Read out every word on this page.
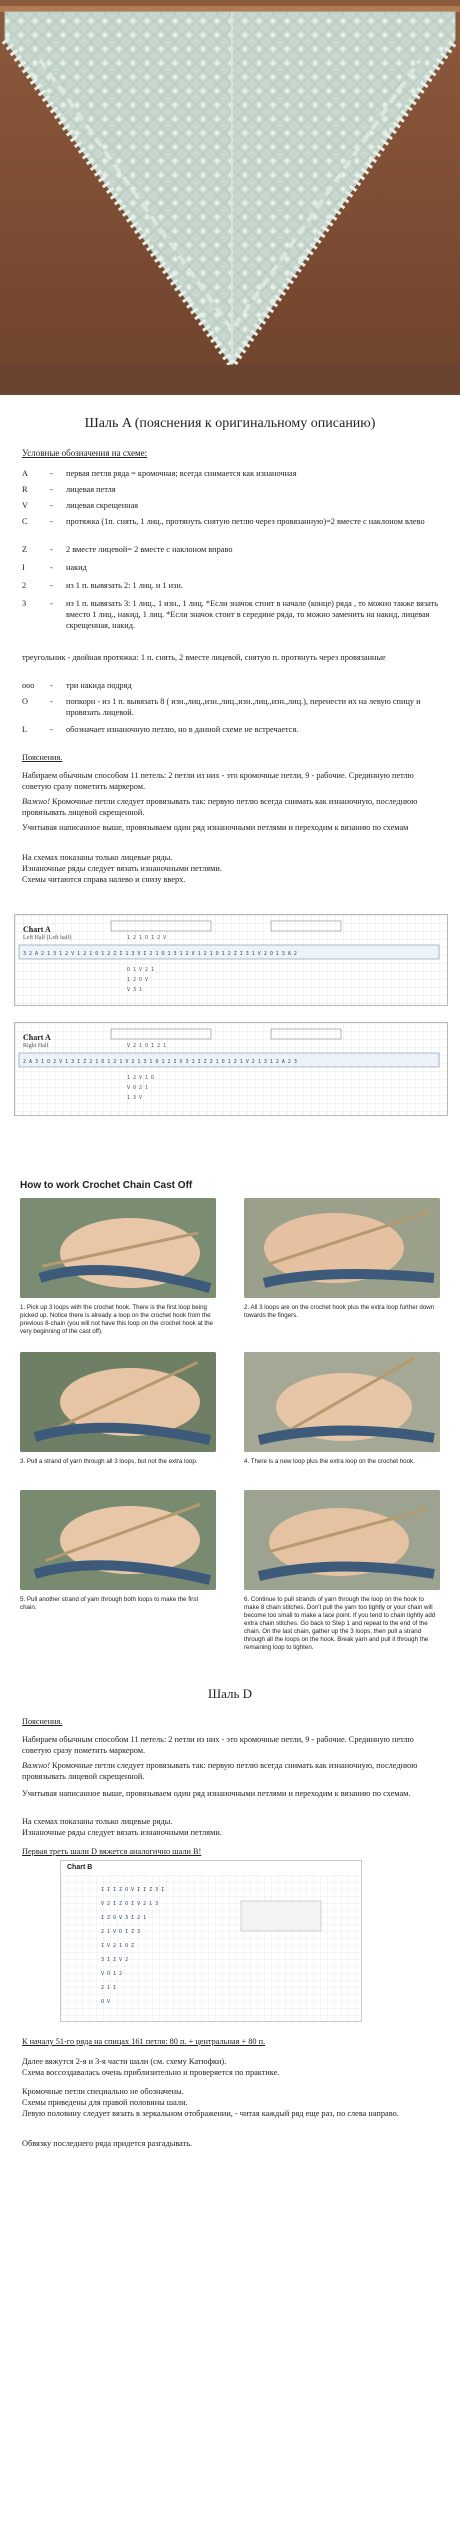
Шаль A (пояснения к оригинальному описанию)
Условные обозначения на схеме:
A	- первая петля ряда = кромочная; всегда снимается как изнаночная
R	- лицевая петля
V	- лицевая скрещенная
C	- протяжка (1п. снять, 1 лиц., протянуть снятую петлю через провязанную)=2 вместе с наклоном влево
Z	- 2 вместе лицевой= 2 вместе с наклоном вправо
I	- накид
2	- из 1 п. вывязать 2: 1 лиц. и 1 изн.
3	- из 1 п. вывязать 3: 1 лиц., 1 изн., 1 лиц. *Если значок стоит в начале (конце) ряда , то можно также вязать вместо 1 лиц., накид, 1 лиц. *Если значок стоит в середине ряда, то можно заменить на накид, лицевая скрещенная, накид.
треугольник - двойная протяжка: 1 п. снять, 2 вместе лицевой, снятую п. протянуть через провязанные
ooo - три накида подряд
O	- попкорн - из 1 п. вывязать 8 ( изн.,лиц.,изн.,лиц.,изн.,лиц.,изн.,лиц.), перенести их на левую спицу и провязать лицевой.
L	- обозначает изнаночную петлю, но в данной схеме не встречается.
Пояснения.
Набираем обычным способом 11 петель: 2 петли из них - это кромочные петли, 9 - рабочие. Срединную петлю советую сразу пометить маркером.
Важно! Кромочные петли следует провязывать так: первую петлю всегда снимать как изнаночную, последнюю провязывать лицевой скрещенной.
Учитывая написанное выше, провязываем один ряд изнаночными петлями и переходим к вязанию по схемам
На схемах показаны только лицевые ряды.
Изнаночные ряды следует вязать изнаночными петлями.
Схемы читаются справа налево и снизу вверх.
3 2 A 2 1 3 1 2 V 1 2 1 O 1 2 Z I 1 3 V I 2 1 O 1 3 1 2 V 1 2 1 O 1 2 Z I 3 1 V 2 O 1 3 A 2
1 2 1 O 1 2 V
O 1 V 2 1
1 2 O V
V 3 1
Chart A
Left Half (Left half)
2 A 3 1 O 2 V 1 3 I Z 2 1 O 1 2 1 V 2 1 3 1 O 1 2 I V 3 1 I Z 2 1 O 1 2 1 V 2 1 3 1 2 A 2 3
V 2 1 O 1 2 1
1 2 V 1 O
V O 2 1
1 3 V
Chart A
Right Half
How to work Crochet Chain Cast Off
1. Pick up 3 loops with the crochet hook. There is the first loop being picked up. Notice there is already a loop on the crochet hook from the previous 8-chain (you will not have this loop on the crochet hook at the very beginning of the cast off).
2. All 3 loops are on the crochet hook plus the extra loop further down towards the fingers.
3. Pull a strand of yarn through all 3 loops, but not the extra loop.	4. There is a new loop plus the extra loop on the crochet hook.
5. Pull another strand of yarn through both loops to make the first chain.
6. Continue to pull strands of yarn through the loop on the hook to make 8 chain stitches. Don't pull the yarn too tightly or your chain will become too small to make a lace point. If you tend to chain tightly add extra chain stitches. Go back to Step 1 and repeat to the end of the chain. On the last chain, gather up the 3 loops, then pull a strand through all the loops on the hook. Break yarn and pull it through the remaining loop to tighten.
Шаль D
Пояснения.
Набираем обычным способом 11 петель: 2 петли из них - это кромочные петли, 9 - рабочие. Срединную петлю советую сразу пометить маркером.
Важно! Кромочные петли следует провязывать так: первую петлю всегда снимать как изнаночную, последнюю провязывать лицевой скрещенной.
Учитывая написанное выше, провязываем один ряд изнаночными петлями и переходим к вязанию по схемам.
На схемах показаны только лицевые ряды.
Изнаночные ряды следует вязать изнаночными петлями.
Первая треть шали D вяжется аналогично шали B!
Chart B
I I I Z O V I I Z 3 I
V 2 I Z O I V 2 1 3
I Z O V 3 I 2 1
2 1 V O I Z 3
I V 2 1 O Z
3 I Z V 2
V O 1 2
2 1 I
O V
К началу 51-го ряда на спицах 161 петля: 80 п. + центральная + 80 п.
Далее вяжутся 2-я и 3-я части шали (см. схему Катюфки).
Схема воссоздавалась очень приблизительно и проверяется по практике.
Кромочные петли специально не обозначены.
Схемы приведены для правой половины шали.
Левую половину следует вязать в зеркальном отображении, - читая каждый ряд еще раз, по слева направо.
Обвязку последнего ряда придется разгадывать.
